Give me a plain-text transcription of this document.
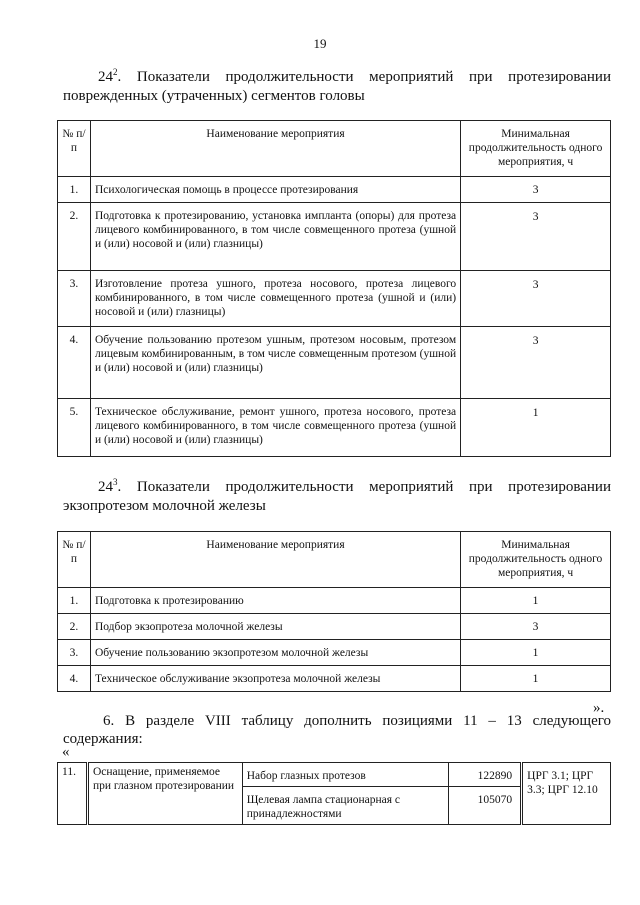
19
$24^2$. Показатели продолжительности мероприятий при протезировании поврежденных (утраченных) сегментов головы
№ п/п	Наименование мероприятия	Минимальная продолжительность одного мероприятия, ч
1.	Психологическая помощь в процессе протезирования	3
2.	Подготовка к протезированию, установка импланта (опоры) для протеза лицевого комбинированного, в том числе совмещенного протеза (ушной и (или) носовой и (или) глазницы)	3
3.	Изготовление протеза ушного, протеза носового, протеза лицевого комбинированного, в том числе совмещенного протеза (ушной и (или) носовой и (или) глазницы)	3
4.	Обучение пользованию протезом ушным, протезом носовым, протезом лицевым комбинированным, в том числе совмещенным протезом (ушной и (или) носовой и (или) глазницы)	3
5.	Техническое обслуживание, ремонт ушного, протеза носового, протеза лицевого комбинированного, в том числе совмещенного протеза (ушной и (или) носовой и (или) глазницы)	1
$24^3$. Показатели продолжительности мероприятий при протезировании экзопротезом молочной железы
№ п/п	Наименование мероприятия	Минимальная продолжительность одного мероприятия, ч
1.	Подготовка к протезированию	1
2.	Подбор экзопротеза молочной железы	3
3.	Обучение пользованию экзопротезом молочной железы	1
4.	Техническое обслуживание экзопротеза молочной железы	1
».
6. В разделе VIII таблицу дополнить позициями 11 – 13 следующего содержания:
«
11.	Оснащение, применяемое при глазном протезировании	Набор глазных протезов	122890	ЦРГ 3.1; ЦРГ 3.3; ЦРГ 12.10
		Щелевая лампа стационарная с принадлежностями	105070	
